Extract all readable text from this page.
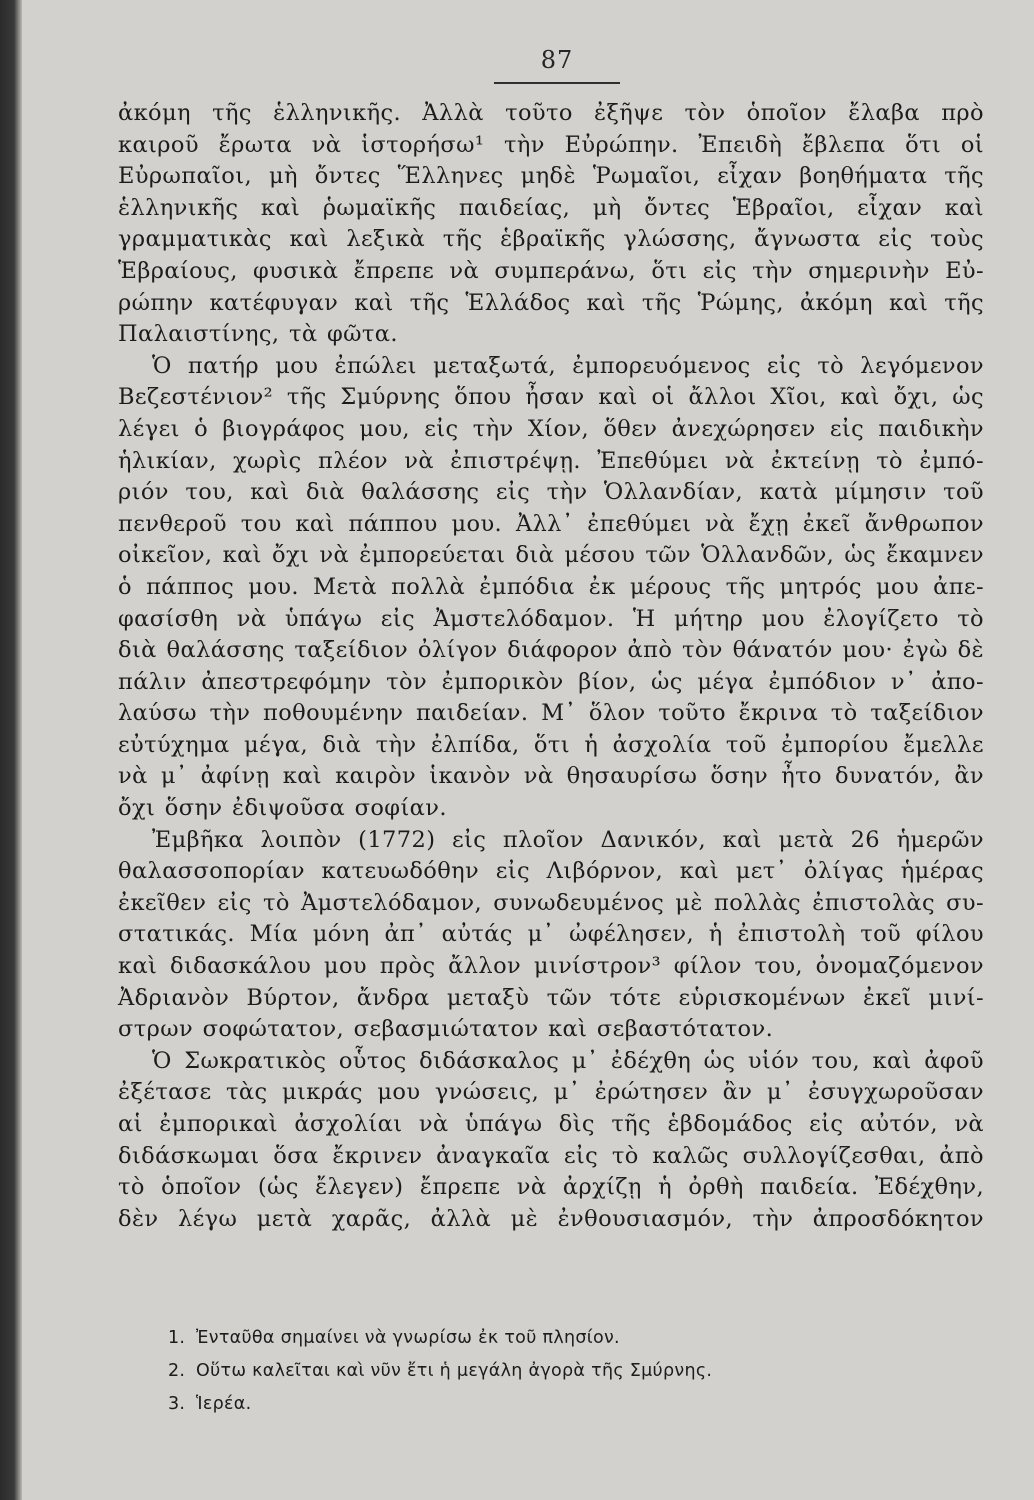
87
ἀκόμη τῆς ἑλληνικῆς. Ἀλλὰ τοῦτο ἐξῆψε τὸν ὁποῖον ἔλαβα πρὸ
καιροῦ ἔρωτα νὰ ἱστορήσω¹ τὴν Εὐρώπην. Ἐπειδὴ ἔβλεπα ὅτι οἱ
Εὐρωπαῖοι, μὴ ὄντες Ἕλληνες μηδὲ Ῥωμαῖοι, εἶχαν βοηθήματα τῆς
ἑλληνικῆς καὶ ῥωμαϊκῆς παιδείας, μὴ ὄντες Ἑβραῖοι, εἶχαν καὶ
γραμματικὰς καὶ λεξικὰ τῆς ἑβραϊκῆς γλώσσης, ἄγνωστα εἰς τοὺς
Ἑβραίους, φυσικὰ ἔπρεπε νὰ συμπεράνω, ὅτι εἰς τὴν σημερινὴν Εὐ-
ρώπην κατέφυγαν καὶ τῆς Ἑλλάδος καὶ τῆς Ῥώμης, ἀκόμη καὶ τῆς
Παλαιστίνης, τὰ φῶτα.
Ὁ πατήρ μου ἐπώλει μεταξωτά, ἐμπορευόμενος εἰς τὸ λεγόμενον
Βεζεστένιον² τῆς Σμύρνης ὅπου ἦσαν καὶ οἱ ἄλλοι Χῖοι, καὶ ὄχι, ὡς
λέγει ὁ βιογράφος μου, εἰς τὴν Χίον, ὅθεν ἀνεχώρησεν εἰς παιδικὴν
ἡλικίαν, χωρὶς πλέον νὰ ἐπιστρέψῃ. Ἐπεθύμει νὰ ἐκτείνῃ τὸ ἐμπό-
ριόν του, καὶ διὰ θαλάσσης εἰς τὴν Ὁλλανδίαν, κατὰ μίμησιν τοῦ
πενθεροῦ του καὶ πάππου μου. Ἀλλ᾿ ἐπεθύμει νὰ ἔχῃ ἐκεῖ ἄνθρωπον
οἰκεῖον, καὶ ὄχι νὰ ἐμπορεύεται διὰ μέσου τῶν Ὁλλανδῶν, ὡς ἔκαμνεν
ὁ πάππος μου. Μετὰ πολλὰ ἐμπόδια ἐκ μέρους τῆς μητρός μου ἀπε-
φασίσθη νὰ ὑπάγω εἰς Ἀμστελόδαμον. Ἡ μήτηρ μου ἐλογίζετο τὸ
διὰ θαλάσσης ταξείδιον ὀλίγον διάφορον ἀπὸ τὸν θάνατόν μου· ἐγὼ δὲ
πάλιν ἀπεστρεφόμην τὸν ἐμπορικὸν βίον, ὡς μέγα ἐμπόδιον ν᾿ ἀπο-
λαύσω τὴν ποθουμένην παιδείαν. Μ᾿ ὅλον τοῦτο ἔκρινα τὸ ταξείδιον
εὐτύχημα μέγα, διὰ τὴν ἐλπίδα, ὅτι ἡ ἀσχολία τοῦ ἐμπορίου ἔμελλε
νὰ μ᾿ ἀφίνῃ καὶ καιρὸν ἱκανὸν νὰ θησαυρίσω ὅσην ἦτο δυνατόν, ἂν
ὄχι ὅσην ἐδιψοῦσα σοφίαν.
Ἐμβῆκα λοιπὸν (1772) εἰς πλοῖον Δανικόν, καὶ μετὰ 26 ἡμερῶν
θαλασσοπορίαν κατευωδόθην εἰς Λιβόρνον, καὶ μετ᾿ ὀλίγας ἡμέρας
ἐκεῖθεν εἰς τὸ Ἀμστελόδαμον, συνωδευμένος μὲ πολλὰς ἐπιστολὰς συ-
στατικάς. Μία μόνη ἀπ᾿ αὐτάς μ᾿ ὠφέλησεν, ἡ ἐπιστολὴ τοῦ φίλου
καὶ διδασκάλου μου πρὸς ἄλλον μινίστρον³ φίλον του, ὀνομαζόμενον
Ἀδριανὸν Βύρτον, ἄνδρα μεταξὺ τῶν τότε εὑρισκομένων ἐκεῖ μινί-
στρων σοφώτατον, σεβασμιώτατον καὶ σεβαστότατον.
Ὁ Σωκρατικὸς οὗτος διδάσκαλος μ᾿ ἐδέχθη ὡς υἱόν του, καὶ ἀφοῦ
ἐξέτασε τὰς μικράς μου γνώσεις, μ᾿ ἐρώτησεν ἂν μ᾿ ἐσυγχωροῦσαν
αἱ ἐμπορικαὶ ἀσχολίαι νὰ ὑπάγω δὶς τῆς ἑβδομάδος εἰς αὐτόν, νὰ
διδάσκωμαι ὅσα ἔκρινεν ἀναγκαῖα εἰς τὸ καλῶς συλλογίζεσθαι, ἀπὸ
τὸ ὁποῖον (ὡς ἔλεγεν) ἔπρεπε νὰ ἀρχίζῃ ἡ ὀρθὴ παιδεία. Ἐδέχθην,
δὲν λέγω μετὰ χαρᾶς, ἀλλὰ μὲ ἐνθουσιασμόν, τὴν ἀπροσδόκητον
1. Ἐνταῦθα σημαίνει νὰ γνωρίσω ἐκ τοῦ πλησίον.
2. Οὕτω καλεῖται καὶ νῦν ἔτι ἡ μεγάλη ἀγορὰ τῆς Σμύρνης.
3. Ἱερέα.
